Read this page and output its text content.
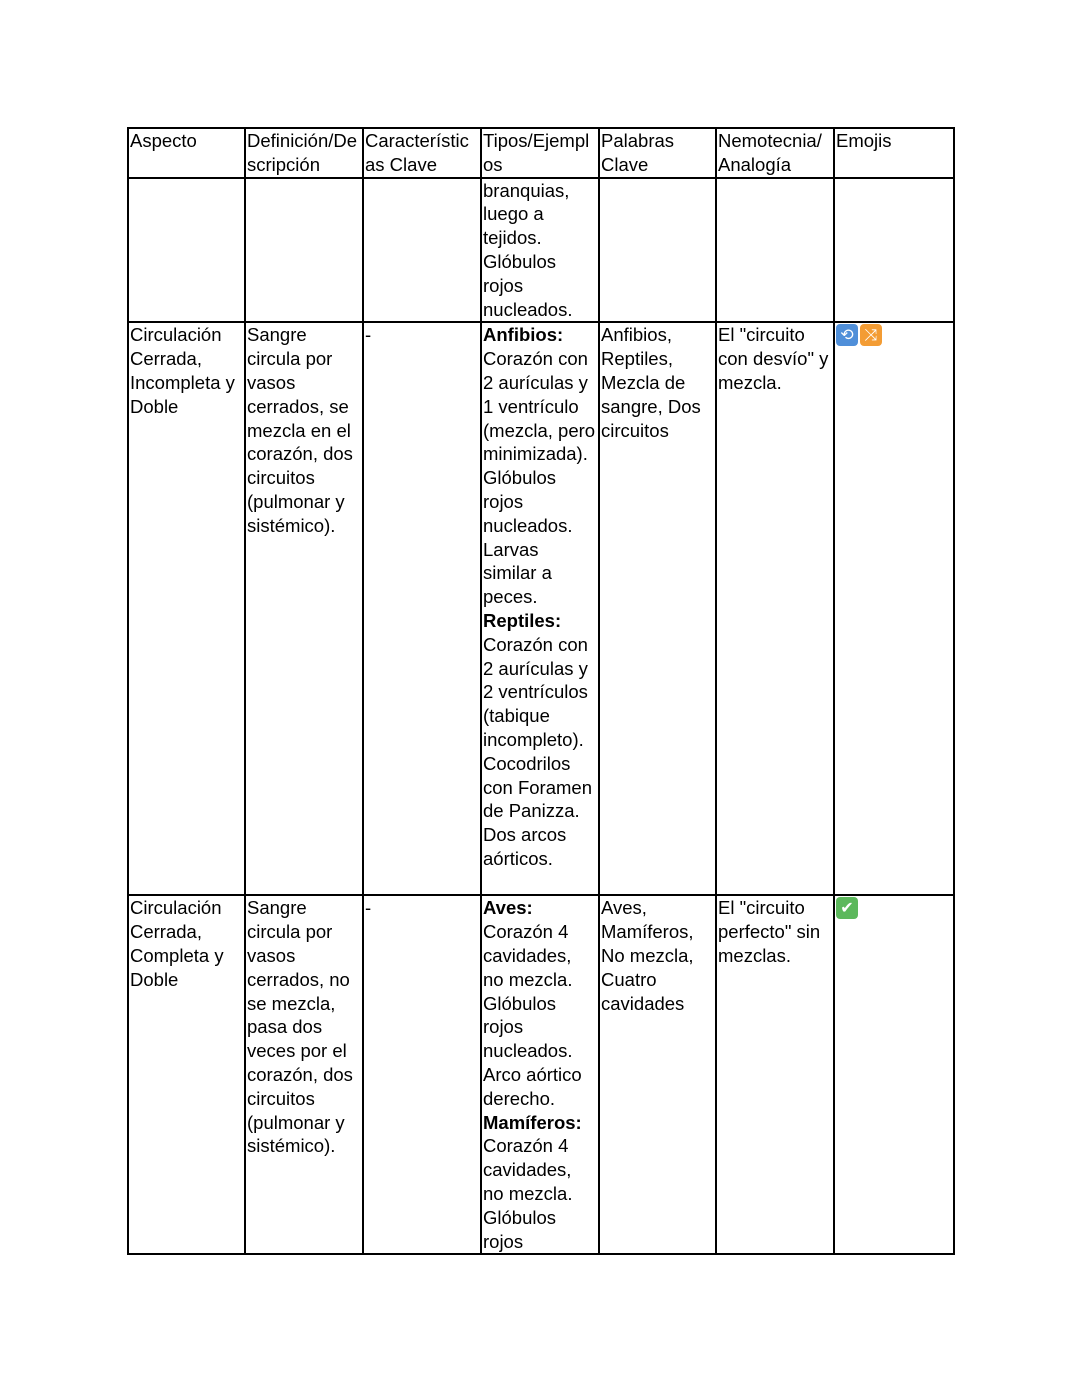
Aspecto	Definición/Descripción	Características Clave	Tipos/Ejemplos	Palabras Clave	Nemotecnia/ Analogía	Emojis
			branquias, luego a tejidos. Glóbulos rojos nucleados.			
Circulación Cerrada, Incompleta y Doble	Sangre circula por vasos cerrados, se mezcla en el corazón, dos circuitos (pulmonar y sistémico).	-	Anfibios: Corazón con 2 aurículas y 1 ventrículo (mezcla, pero minimizada). Glóbulos rojos nucleados. Larvas similar a peces.
Reptiles:
Corazón con 2 aurículas y 2 ventrículos (tabique incompleto). Cocodrilos con Foramen de Panizza. Dos arcos aórticos.	Anfibios, Reptiles, Mezcla de sangre, Dos circuitos	El "circuito con desvío" y mezcla.	⟲ ⤨
Circulación Cerrada, Completa y Doble	Sangre circula por vasos cerrados, no se mezcla, pasa dos veces por el corazón, dos circuitos (pulmonar y sistémico).	-	Aves: Corazón 4 cavidades, no mezcla. Glóbulos rojos nucleados. Arco aórtico derecho.
Mamíferos:
Corazón 4 cavidades, no mezcla. Glóbulos rojos	Aves, Mamíferos, No mezcla, Cuatro cavidades	El "circuito perfecto" sin mezclas.	✔
